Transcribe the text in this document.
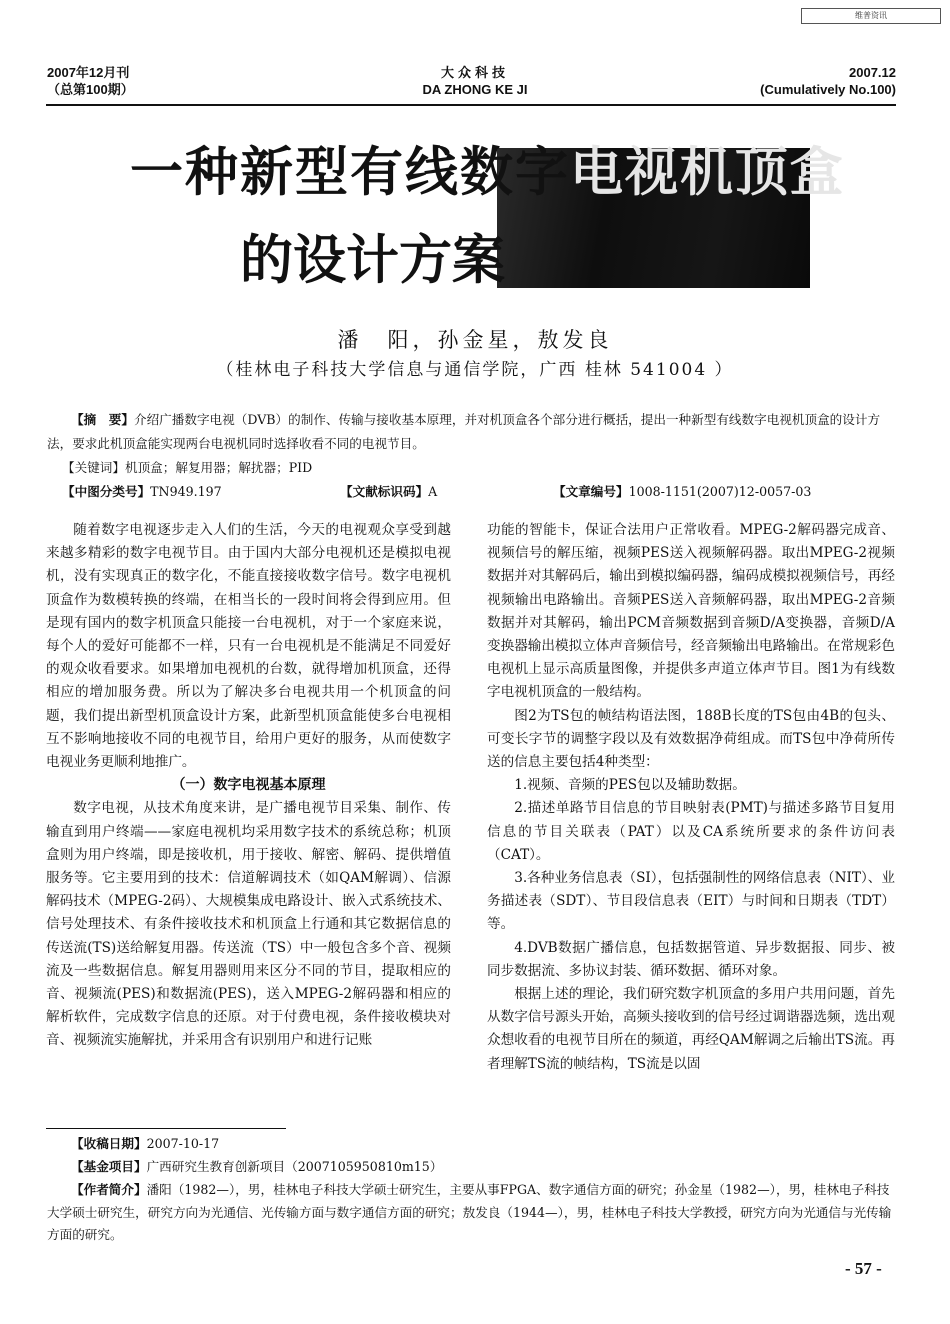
维普资讯
2007年12月刊
（总第100期）
大众科技
DA ZHONG KE JI
2007.12
(Cumulatively No.100)
一种新型有线数字电视机顶盒
的设计方案
潘　阳，孙金星，敖发良
（桂林电子科技大学信息与通信学院，广西 桂林 541004 ）
【摘　要】介绍广播数字电视（DVB）的制作、传输与接收基本原理，并对机顶盒各个部分进行概括，提出一种新型有线数字电视机顶盒的设计方法，要求此机顶盒能实现两台电视机同时选择收看不同的电视节目。
【关键词】机顶盒；解复用器；解扰器；PID
【中图分类号】TN949.197	【文献标识码】A	【文章编号】1008-1151(2007)12-0057-03

随着数字电视逐步走入人们的生活，今天的电视观众享受到越来越多精彩的数字电视节目。由于国内大部分电视机还是模拟电视机，没有实现真正的数字化，不能直接接收数字信号。数字电视机顶盒作为数模转换的终端，在相当长的一段时间将会得到应用。但是现有国内的数字机顶盒只能接一台电视机，对于一个家庭来说，每个人的爱好可能都不一样，只有一台电视机是不能满足不同爱好的观众收看要求。如果增加电视机的台数，就得增加机顶盒，还得相应的增加服务费。所以为了解决多台电视共用一个机顶盒的问题，我们提出新型机顶盒设计方案，此新型机顶盒能使多台电视相互不影响地接收不同的电视节目，给用户更好的服务，从而使数字电视业务更顺利地推广。

（一）数字电视基本原理

数字电视，从技术角度来讲，是广播电视节目采集、制作、传输直到用户终端——家庭电视机均采用数字技术的系统总称；机顶盒则为用户终端，即是接收机，用于接收、解密、解码、提供增值服务等。它主要用到的技术：信道解调技术（如QAM解调）、信源解码技术（MPEG-2码）、大规模集成电路设计、嵌入式系统技术、信号处理技术、有条件接收技术和机顶盒上行通和其它数据信息的传送流(TS)送给解复用器。传送流（TS）中一般包含多个音、视频流及一些数据信息。解复用器则用来区分不同的节目，提取相应的音、视频流(PES)和数据流(PES)，送入MPEG-2解码器和相应的解析软件，完成数字信息的还原。对于付费电视，条件接收模块对音、视频流实施解扰，并采用含有识别用户和进行记账

功能的智能卡，保证合法用户正常收看。MPEG-2解码器完成音、视频信号的解压缩，视频PES送入视频解码器。取出MPEG-2视频数据并对其解码后，输出到模拟编码器，编码成模拟视频信号，再经视频输出电路输出。音频PES送入音频解码器，取出MPEG-2音频数据并对其解码，输出PCM音频数据到音频D/A变换器，音频D/A变换器输出模拟立体声音频信号，经音频输出电路输出。在常规彩色电视机上显示高质量图像，并提供多声道立体声节目。图1为有线数字电视机顶盒的一般结构。

图2为TS包的帧结构语法图，188B长度的TS包由4B的包头、可变长字节的调整字段以及有效数据净荷组成。而TS包中净荷所传送的信息主要包括4种类型：

1.视频、音频的PES包以及辅助数据。

2.描述单路节目信息的节目映射表(PMT)与描述多路节目复用信息的节目关联表（PAT）以及CA系统所要求的条件访问表（CAT）。

3.各种业务信息表（SI），包括强制性的网络信息表（NIT）、业务描述表（SDT）、节目段信息表（EIT）与时间和日期表（TDT）等。

4.DVB数据广播信息，包括数据管道、异步数据报、同步、被同步数据流、多协议封装、循环数据、循环对象。

根据上述的理论，我们研究数字机顶盒的多用户共用问题，首先从数字信号源头开始，高频头接收到的信号经过调谐器选频，选出观众想收看的电视节目所在的频道，再经QAM解调之后输出TS流。再者理解TS流的帧结构，TS流是以固

【收稿日期】2007-10-17
【基金项目】广西研究生教育创新项目（2007105950810m15）
【作者简介】潘阳（1982—），男，桂林电子科技大学硕士研究生，主要从事FPGA、数字通信方面的研究；孙金星（1982—），男，桂林电子科技大学硕士研究生，研究方向为光通信、光传输方面与数字通信方面的研究；敖发良（1944—），男，桂林电子科技大学教授，研究方向为光通信与光传输方面的研究。
- 57 -
